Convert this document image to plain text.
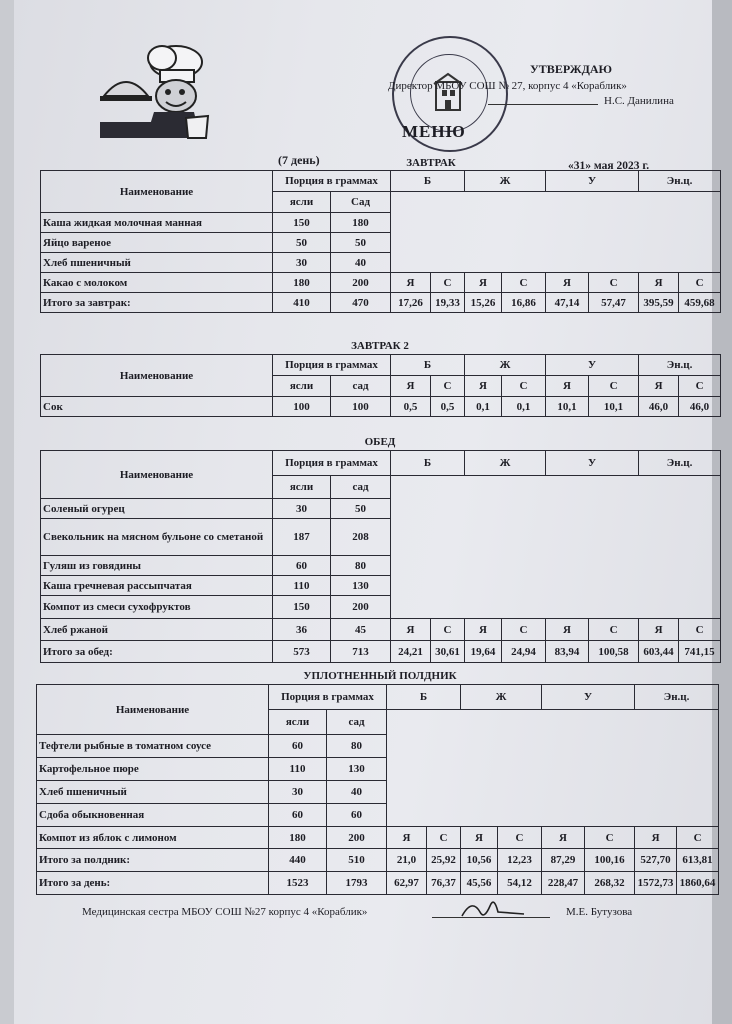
УТВЕРЖДАЮ
Директор МБОУ СОШ № 27, корпус 4 «Кораблик»
Н.С. Данилина
МЕНЮ
(7 день)	«31» мая 2023 г.
ЗАВТРАК
Наименование	Порция в граммах		Б		Ж		У		Эн.ц.	
	ясли	Сад								
Каша жидкая молочная манная	150	180								
Яйцо вареное	50	50								
Хлеб пшеничный	30	40								
Какао с молоком	180	200	Я	С	Я	С	Я	С	Я	С
Итого за завтрак:	410	470	17,26	19,33	15,26	16,86	47,14	57,47	395,59	459,68
ЗАВТРАК 2
Наименование	Порция в граммах		Б		Ж		У		Эн.ц.	
	ясли	сад	Я	С	Я	С	Я	С	Я	С
Сок	100	100	0,5	0,5	0,1	0,1	10,1	10,1	46,0	46,0
ОБЕД
Наименование	Порция в граммах		Б		Ж		У		Эн.ц.	
	ясли	сад								
Соленый огурец	30	50								
Свекольник на мясном бульоне со сметаной	187	208								
Гуляш из говядины	60	80								
Каша гречневая рассыпчатая	110	130								
Компот из смеси сухофруктов	150	200								
Хлеб ржаной	36	45	Я	С	Я	С	Я	С	Я	С
Итого за обед:	573	713	24,21	30,61	19,64	24,94	83,94	100,58	603,44	741,15
УПЛОТНЕННЫЙ ПОЛДНИК
Наименование	Порция в граммах		Б		Ж		У		Эн.ц.	
	ясли	сад								
Тефтели рыбные в томатном соусе	60	80								
Картофельное пюре	110	130								
Хлеб пшеничный	30	40								
Сдоба обыкновенная	60	60								
Компот из яблок с лимоном	180	200	Я	С	Я	С	Я	С	Я	С
Итого за полдник:	440	510	21,0	25,92	10,56	12,23	87,29	100,16	527,70	613,81
Итого за день:	1523	1793	62,97	76,37	45,56	54,12	228,47	268,32	1572,73	1860,64
Медицинская сестра МБОУ СОШ №27 корпус 4 «Кораблик»	М.Е. Бутузова
